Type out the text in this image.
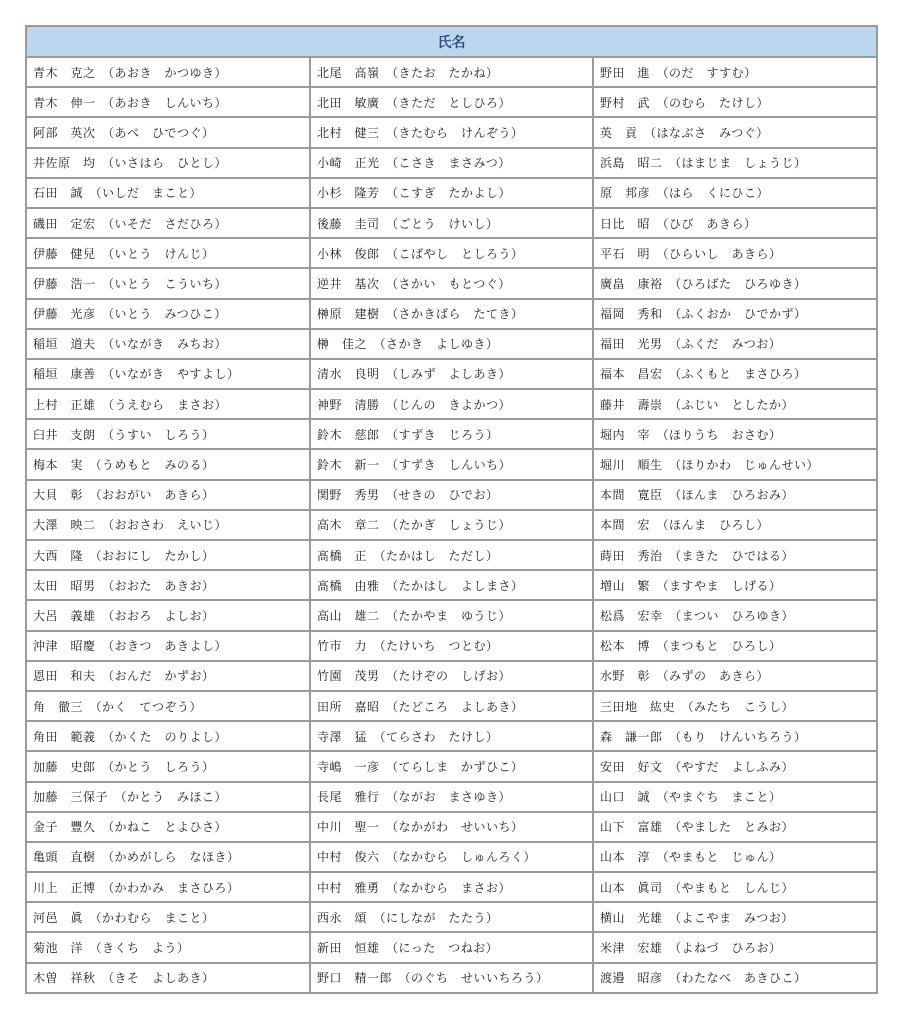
氏名		
青木　克之　（あおき　かつゆき）	北尾　高嶺　（きたお　たかね）	野田　進　（のだ　すすむ）
青木　伸一　（あおき　しんいち）	北田　敏廣　（きただ　としひろ）	野村　武　（のむら　たけし）
阿部　英次　（あべ　ひでつぐ）	北村　健三　（きたむら　けんぞう）	英　貢　（はなぶさ　みつぐ）
井佐原　均　（いさはら　ひとし）	小崎　正光　（こさき　まさみつ）	浜島　昭二　（はまじま　しょうじ）
石田　誠　（いしだ　まこと）	小杉　隆芳　（こすぎ　たかよし）	原　邦彦　（はら　くにひこ）
磯田　定宏　（いそだ　さだひろ）	後藤　圭司　（ごとう　けいし）	日比　昭　（ひび　あきら）
伊藤　健兒　（いとう　けんじ）	小林　俊郎　（こばやし　としろう）	平石　明　（ひらいし　あきら）
伊藤　浩一　（いとう　こういち）	逆井　基次　（さかい　もとつぐ）	廣畠　康裕　（ひろばた　ひろゆき）
伊藤　光彦　（いとう　みつひこ）	榊原　建樹　（さかきばら　たてき）	福岡　秀和　（ふくおか　ひでかず）
稲垣　道夫　（いながき　みちお）	榊　佳之　（さかき　よしゆき）	福田　光男　（ふくだ　みつお）
稲垣　康善　（いながき　やすよし）	清水　良明　（しみず　よしあき）	福本　昌宏　（ふくもと　まさひろ）
上村　正雄　（うえむら　まさお）	神野　清勝　（じんの　きよかつ）	藤井　壽崇　（ふじい　としたか）
臼井　支朗　（うすい　しろう）	鈴木　慈郎　（すずき　じろう）	堀内　宰　（ほりうち　おさむ）
梅本　実　（うめもと　みのる）	鈴木　新一　（すずき　しんいち）	堀川　順生　（ほりかわ　じゅんせい）
大貝　彰　（おおがい　あきら）	関野　秀男　（せきの　ひでお）	本間　寛臣　（ほんま　ひろおみ）
大澤　映二　（おおさわ　えいじ）	高木　章二　（たかぎ　しょうじ）	本間　宏　（ほんま　ひろし）
大西　隆　（おおにし　たかし）	髙橋　正　（たかはし　ただし）	蒔田　秀治　（まきた　ひではる）
太田　昭男　（おおた　あきお）	髙橋　由雅　（たかはし　よしまさ）	増山　繁　（ますやま　しげる）
大呂　義雄　（おおろ　よしお）	高山　雄二　（たかやま　ゆうじ）	松爲　宏幸　（まつい　ひろゆき）
沖津　昭慶　（おきつ　あきよし）	竹市　力　（たけいち　つとむ）	松本　博　（まつもと　ひろし）
恩田　和夫　（おんだ　かずお）	竹園　茂男　（たけぞの　しげお）	水野　彰　（みずの　あきら）
角　徹三　（かく　てつぞう）	田所　嘉昭　（たどころ　よしあき）	三田地　紘史　（みたち　こうし）
角田　範義　（かくた　のりよし）	寺澤　猛　（てらさわ　たけし）	森　謙一郎　（もり　けんいちろう）
加藤　史郎　（かとう　しろう）	寺嶋　一彦　（てらしま　かずひこ）	安田　好文　（やすだ　よしふみ）
加藤　三保子　（かとう　みほこ）	長尾　雅行　（ながお　まさゆき）	山口　誠　（やまぐち　まこと）
金子　豐久　（かねこ　とよひさ）	中川　聖一　（なかがわ　せいいち）	山下　富雄　（やました　とみお）
亀頭　直樹　（かめがしら　なほき）	中村　俊六　（なかむら　しゅんろく）	山本　淳　（やまもと　じゅん）
川上　正博　（かわかみ　まさひろ）	中村　雅勇　（なかむら　まさお）	山本　眞司　（やまもと　しんじ）
河邑　眞　（かわむら　まこと）	西永　頌　（にしなが　たたう）	横山　光雄　（よこやま　みつお）
菊池　洋　（きくち　よう）	新田　恒雄　（にった　つねお）	米津　宏雄　（よねづ　ひろお）
木曽　祥秋　（きそ　よしあき）	野口　精一郎　（のぐち　せいいちろう）	渡邉　昭彦　（わたなべ　あきひこ）
